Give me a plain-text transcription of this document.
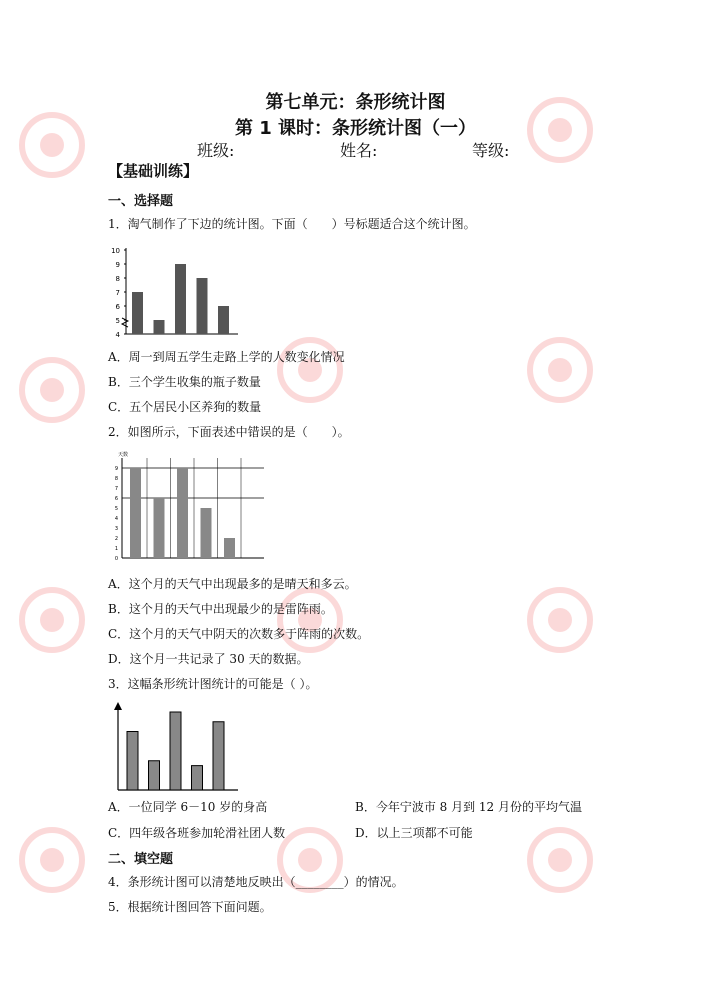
第七单元：条形统计图
第 1 课时：条形统计图（一）
班级:	姓名:	等级:
【基础训练】
一、选择题
1．淘气制作了下边的统计图。下面（　　）号标题适合这个统计图。
10
9
8
7
6
5
4
A．周一到周五学生走路上学的人数变化情况
B．三个学生收集的瓶子数量
C．五个居民小区养狗的数量
2．如图所示，下面表述中错误的是（　　）。
天数
9
8
7
6
5
4
3
2
1
0
A．这个月的天气中出现最多的是晴天和多云。
B．这个月的天气中出现最少的是雷阵雨。
C．这个月的天气中阴天的次数多于阵雨的次数。
D．这个月一共记录了 30 天的数据。
3．这幅条形统计图统计的可能是（ ）。
A．一位同学 6－10 岁的身高	B．今年宁波市 8 月到 12 月份的平均气温
C．四年级各班参加轮滑社团人数	D．以上三项都不可能
二、填空题
4．条形统计图可以清楚地反映出（________）的情况。
5．根据统计图回答下面问题。
